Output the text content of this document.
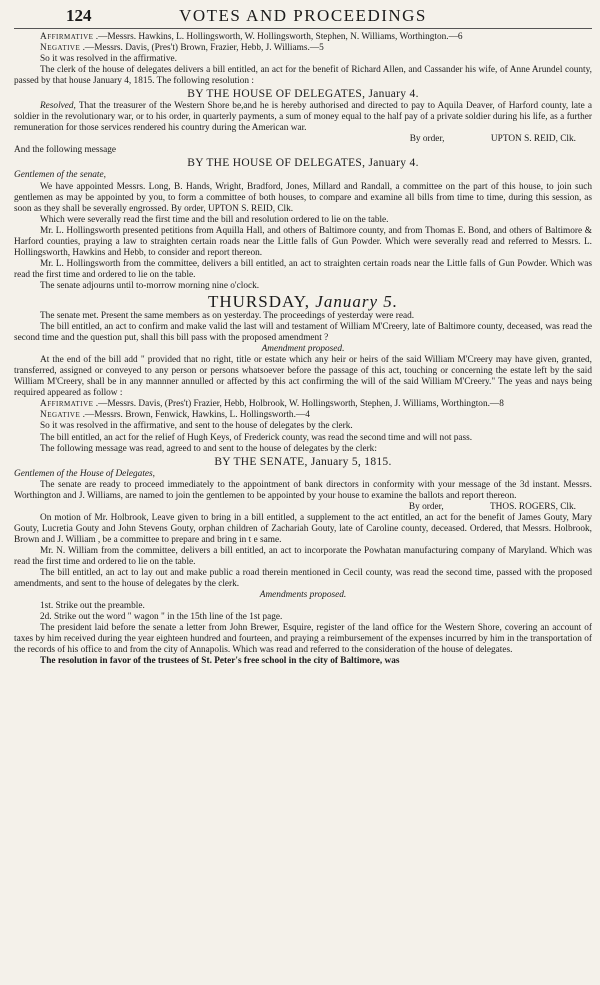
VOTES AND PROCEEDINGS
124

Affirmative .—Messrs. Hawkins, L. Hollingsworth, W. Hollingsworth, Stephen, N. Williams, Worthington.—6

Negative .—Messrs. Davis, (Pres't) Brown, Frazier, Hebb, J. Williams.—5

So it was resolved in the affirmative.

The clerk of the house of delegates delivers a bill entitled, an act for the benefit of Richard Allen, and Cassander his wife, of Anne Arundel county, passed by that house January 4, 1815. The following resolution :

BY THE HOUSE OF DELEGATES, January 4.

Resolved, That the treasurer of the Western Shore be,and he is hereby authorised and directed to pay to Aquila Deaver, of Harford county, late a soldier in the revolutionary war, or to his order, in quarterly payments, a sum of money equal to the half pay of a private soldier during his life, as a further remuneration for those services rendered his country during the American war.

By order,                    UPTON S. REID, Clk.

And the following message

BY THE HOUSE OF DELEGATES, January 4.

Gentlemen of the senate,

We have appointed Messrs. Long, B. Hands, Wright, Bradford, Jones, Millard and Randall, a committee on the part of this house, to join such gentlemen as may be appointed by you, to form a committee of both houses, to compare and examine all bills from time to time, during this session, as soon as they shall be severally engrossed. By order, UPTON S. REID, Clk.

Which were severally read the first time and the bill and resolution ordered to lie on the table.

Mr. L. Hollingsworth presented petitions from Aquilla Hall, and others of Baltimore county, and from Thomas E. Bond, and others of Baltimore & Harford counties, praying a law to straighten certain roads near the Little falls of Gun Powder. Which were severally read and referred to Messrs. L. Hollingsworth, Hawkins and Hebb, to consider and report thereon.

Mr. L. Hollingsworth from the committee, delivers a bill entitled, an act to straighten certain roads near the Little falls of Gun Powder. Which was read the first time and ordered to lie on the table.

The senate adjourns until to-morrow morning nine o'clock.

THURSDAY, January 5.

The senate met. Present the same members as on yesterday. The proceedings of yesterday were read.

The bill entitled, an act to confirm and make valid the last will and testament of William M'Creery, late of Baltimore county, deceased, was read the second time and the question put, shall this bill pass with the proposed amendment ?

Amendment proposed.

At the end of the bill add " provided that no right, title or estate which any heir or heirs of the said William M'Creery may have given, granted, transferred, assigned or conveyed to any person or persons whatsoever before the passage of this act, touching or concerning the estate left by the said William M'Creery, shall be in any mannner annulled or affected by this act confirming the will of the said William M'Creery." The yeas and nays being required appeared as follow :

Affirmative .—Messrs. Davis, (Pres't) Frazier, Hebb, Holbrook, W. Hollingsworth, Stephen, J. Williams, Worthington.—8

Negative .—Messrs. Brown, Fenwick, Hawkins, L. Hollingsworth.—4

So it was resolved in the affirmative, and sent to the house of delegates by the clerk.

The bill entitled, an act for the relief of Hugh Keys, of Frederick county, was read the second time and will not pass.

The following message was read, agreed to and sent to the house of delegates by the clerk:

BY THE SENATE, January 5, 1815.

Gentlemen of the House of Delegates,

The senate are ready to proceed immediately to the appointment of bank directors in conformity with your message of the 3d instant. Messrs. Worthington and J. Williams, are named to join the gentlemen to be appointed by your house to examine the ballots and report thereon.

By order,                    THOS. ROGERS, Clk.

On motion of Mr. Holbrook, Leave given to bring in a bill entitled, a supplement to the act entitled, an act for the benefit of James Gouty, Mary Gouty, Lucretia Gouty and John Stevens Gouty, orphan children of Zachariah Gouty, late of Caroline county, deceased. Ordered, that Messrs. Holbrook, Brown and J. William , be a committee to prepare and bring in t e same.

Mr. N. William from the committee, delivers a bill entitled, an act to incorporate the Powhatan manufacturing company of Maryland. Which was read the first time and ordered to lie on the table.

The bill entitled, an act to lay out and make public a road therein mentioned in Cecil county, was read the second time, passed with the proposed amendments, and sent to the house of delegates by the clerk.

Amendments proposed.

1st. Strike out the preamble.

2d. Strike out the word " wagon " in the 15th line of the 1st page.

The president laid before the senate a letter from John Brewer, Esquire, register of the land office for the Western Shore, covering an account of taxes by him received during the year eighteen hundred and fourteen, and praying a reimbursement of the expenses incurred by him in the transportation of the records of his office to and from the city of Annapolis. Which was read and referred to the consideration of the house of delegates.

The resolution in favor of the trustees of St. Peter's free school in the city of Baltimore, was
